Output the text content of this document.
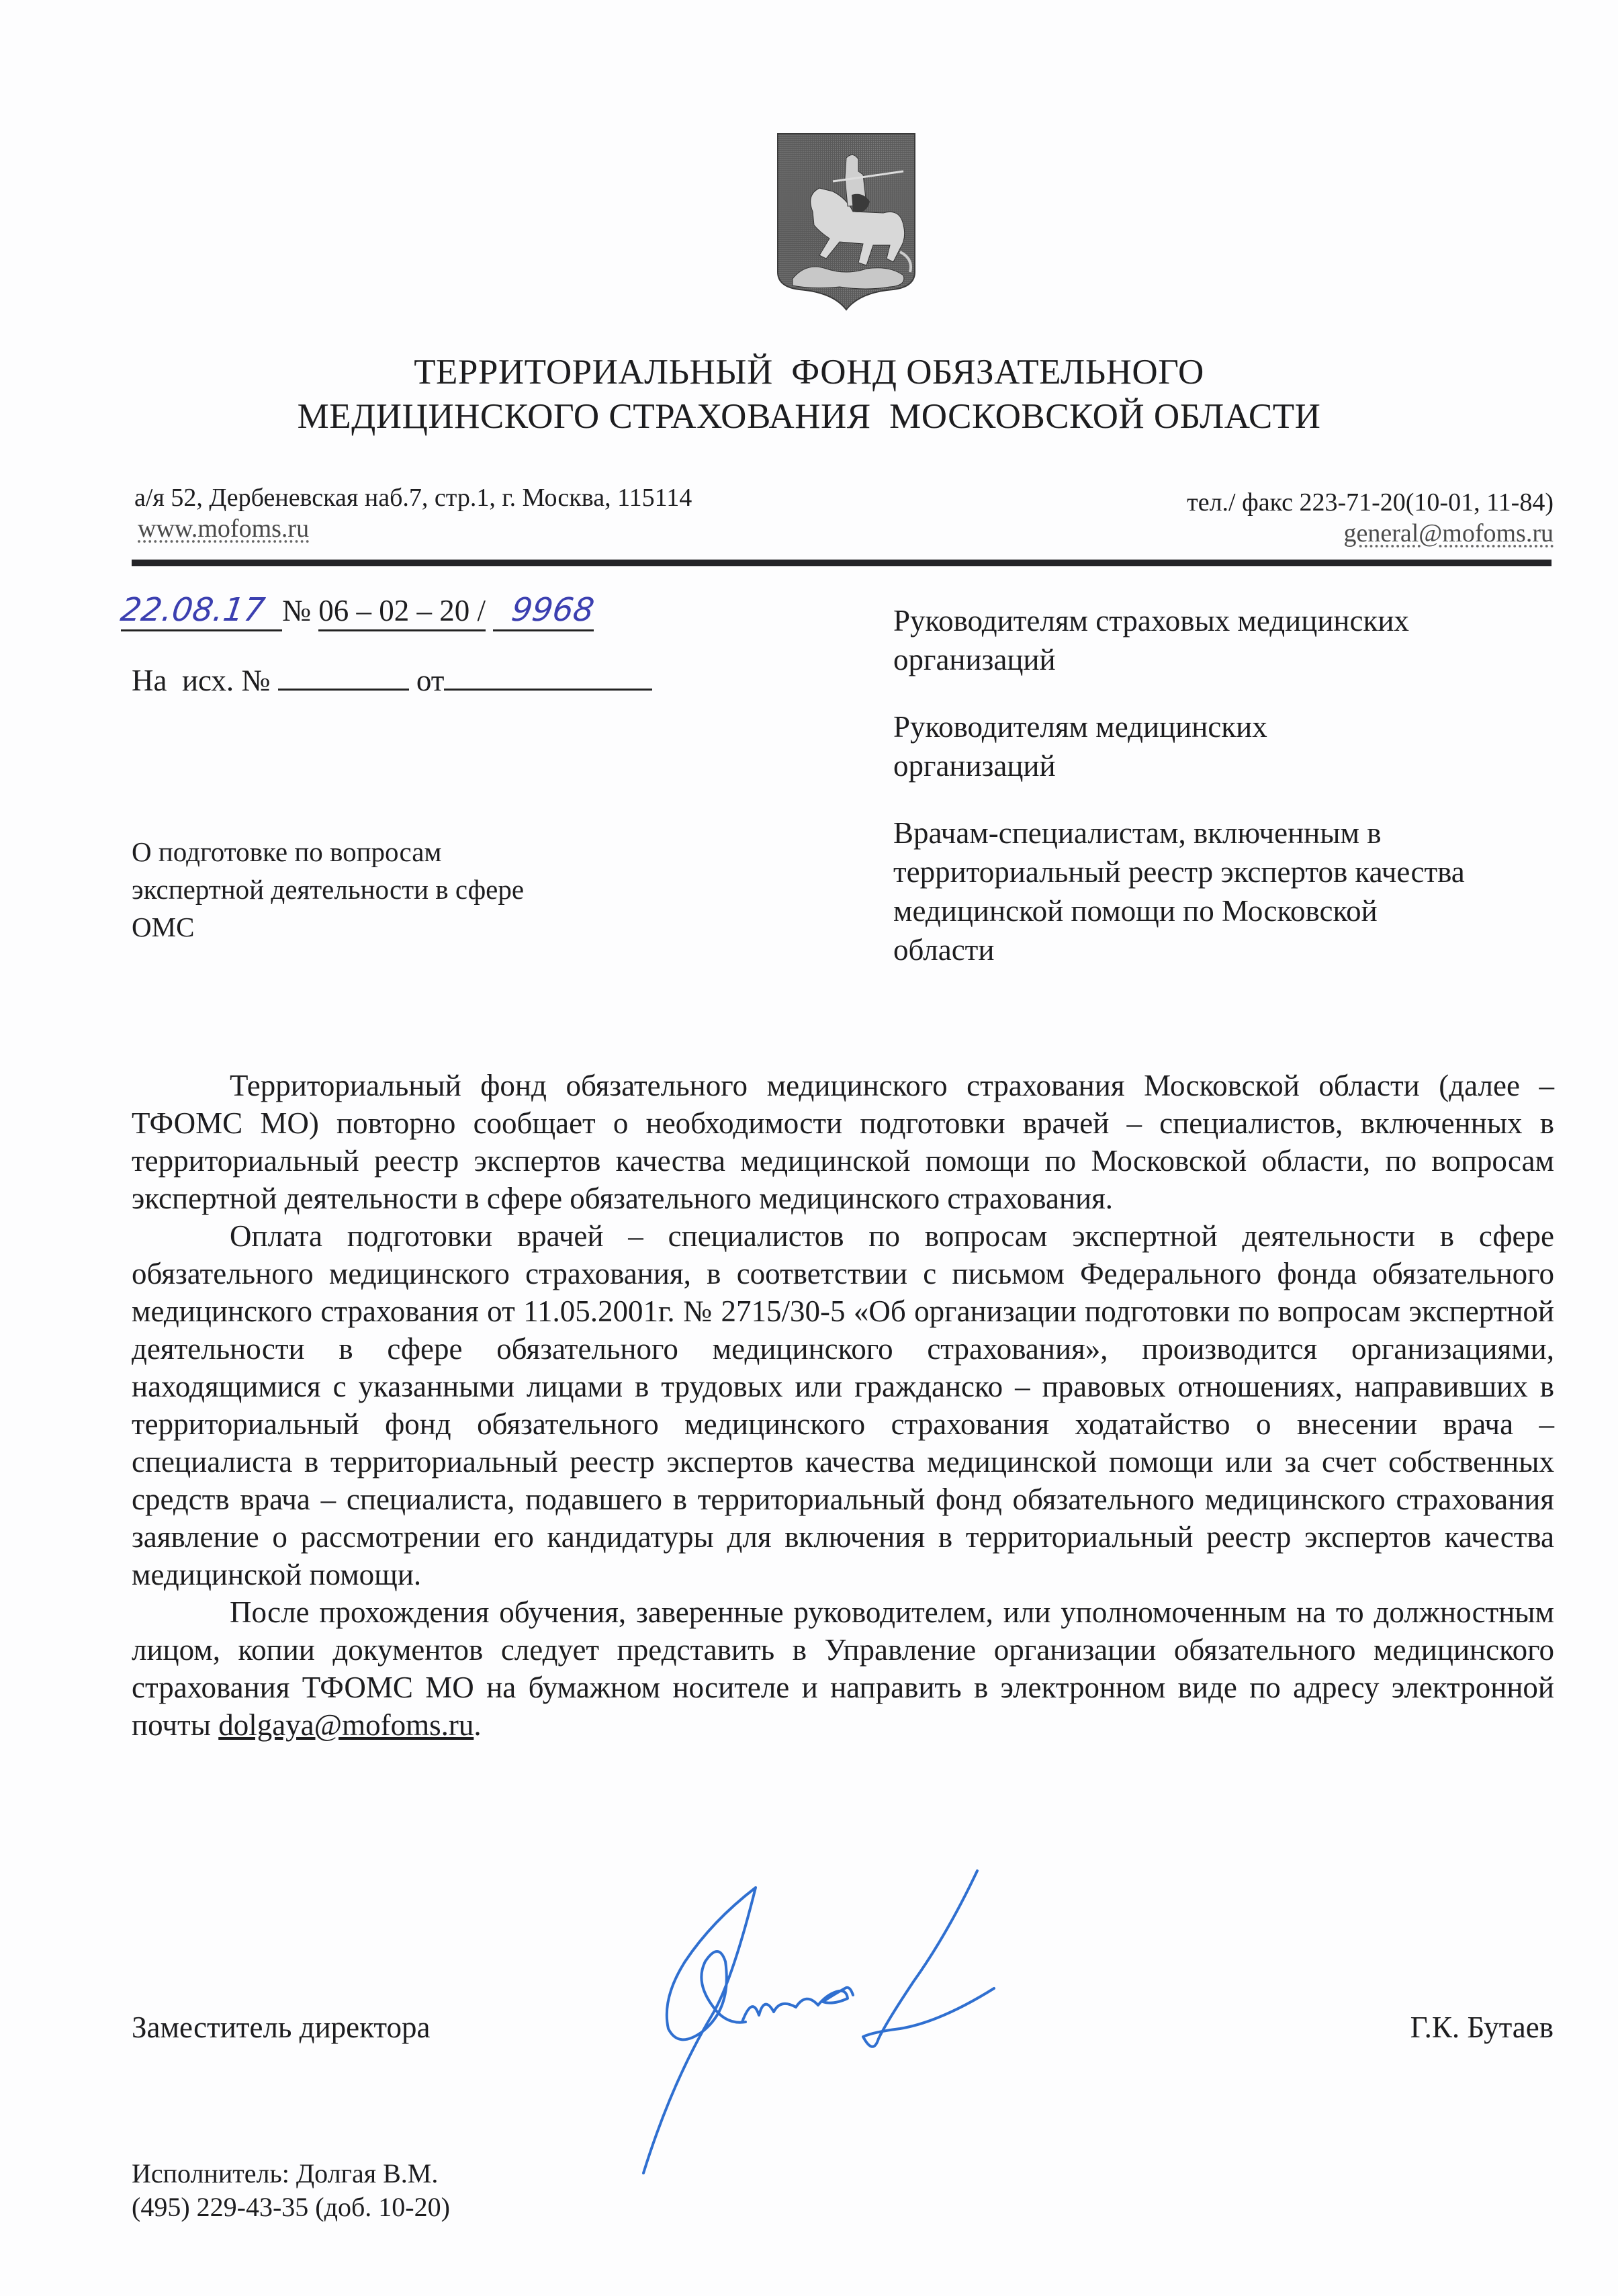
ТЕРРИТОРИАЛЬНЫЙ  ФОНД ОБЯЗАТЕЛЬНОГО
МЕДИЦИНСКОГО СТРАХОВАНИЯ  МОСКОВСКОЙ ОБЛАСТИ
а/я 52, Дербеневская наб.7, стр.1, г. Москва, 115114
www.mofoms.ru
тел./ факс 223-71-20(10-01, 11-84)
general@mofoms.ru
22.08.17 № 06 – 02 – 20 / 9968
На  исх. №	от

Руководителям страховых медицинских организаций

Руководителям медицинских организаций

Врачам-специалистам, включенным в территориальный реестр экспертов качества медицинской помощи по Московской области

О подготовке по вопросам экспертной деятельности в сфере ОМС

Территориальный фонд обязательного медицинского страхования Московской области (далее – ТФОМС МО) повторно сообщает о необходимости подготовки врачей – специалистов, включенных в территориальный реестр экспертов качества медицинской помощи по Московской области, по вопросам экспертной деятельности в сфере обязательного медицинского страхования.

Оплата подготовки врачей – специалистов по вопросам экспертной деятельности в сфере обязательного медицинского страхования, в соответствии с письмом Федерального фонда обязательного медицинского страхования от 11.05.2001г. № 2715/30-5 «Об организации подготовки по вопросам экспертной деятельности в сфере обязательного медицинского страхования», производится организациями, находящимися с указанными лицами в трудовых или гражданско – правовых отношениях, направивших в территориальный фонд обязательного медицинского страхования ходатайство о внесении врача – специалиста в территориальный реестр экспертов качества медицинской помощи или за счет собственных средств врача – специалиста, подавшего в территориальный фонд обязательного медицинского страхования заявление о рассмотрении его кандидатуры для включения в территориальный реестр экспертов качества медицинской помощи.

После прохождения обучения, заверенные руководителем, или уполномоченным на то должностным лицом, копии документов следует представить в Управление организации обязательного медицинского страхования ТФОМС МО на бумажном носителе и направить в электронном виде по адресу электронной почты dolgaya@mofoms.ru.

Заместитель директора	Г.К. Бутаев
Исполнитель: Долгая В.М.
(495) 229-43-35 (доб. 10-20)
